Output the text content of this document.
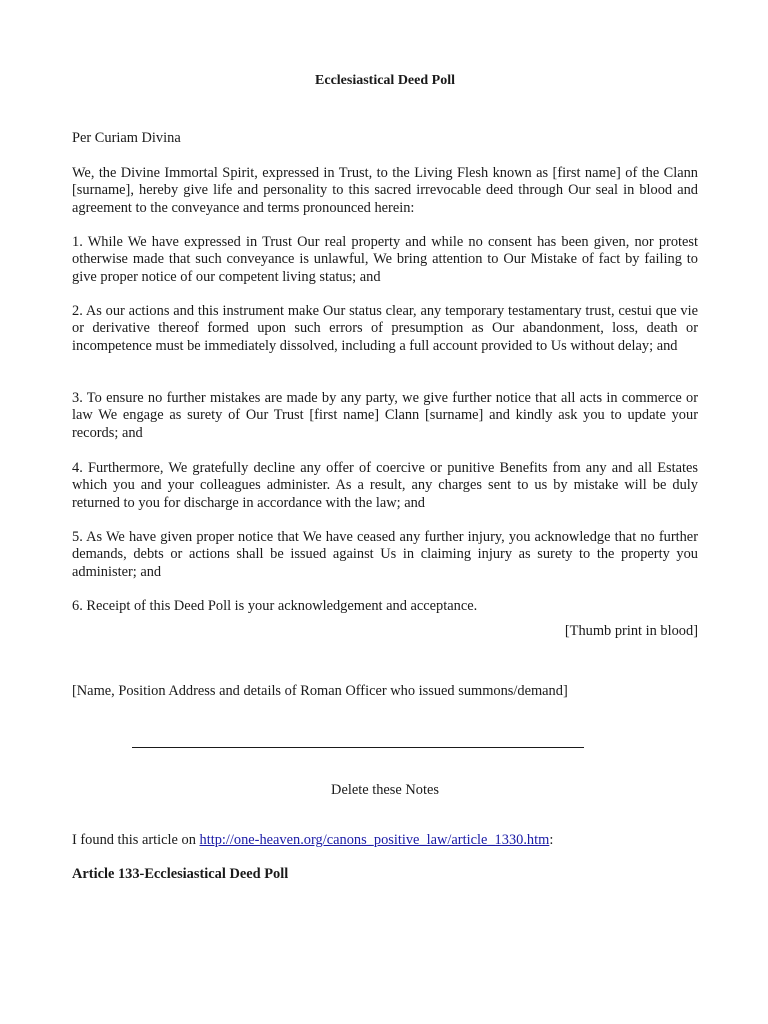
Ecclesiastical Deed Poll

Per Curiam Divina

We, the Divine Immortal Spirit, expressed in Trust, to the Living Flesh known as [first name] of the Clann [surname], hereby give life and personality to this sacred irrevocable deed through Our seal in blood and agreement to the conveyance and terms pronounced herein:

1. While We have expressed in Trust Our real property and while no consent has been given, nor protest otherwise made that such conveyance is unlawful, We bring attention to Our Mistake of fact by failing to give proper notice of our competent living status; and

2. As our actions and this instrument make Our status clear, any temporary testamentary trust, cestui que vie or derivative thereof formed upon such errors of presumption as Our abandonment, loss, death or incompetence must be immediately dissolved, including a full account provided to Us without delay; and

3. To ensure no further mistakes are made by any party, we give further notice that all acts in commerce or law We engage as surety of Our Trust [first name] Clann [surname] and kindly ask you to update your records; and

4. Furthermore, We gratefully decline any offer of coercive or punitive Benefits from any and all Estates which you and your colleagues administer. As a result, any charges sent to us by mistake will be duly returned to you for discharge in accordance with the law; and

5. As We have given proper notice that We have ceased any further injury, you acknowledge that no further demands, debts or actions shall be issued against Us in claiming injury as surety to the property you administer; and

6. Receipt of this Deed Poll is your acknowledgement and acceptance.

[Thumb print in blood]

[Name, Position Address and details of Roman Officer who issued summons/demand]

Delete these Notes

I found this article on http://one-heaven.org/canons_positive_law/article_1330.htm:

Article 133-Ecclesiastical Deed Poll
